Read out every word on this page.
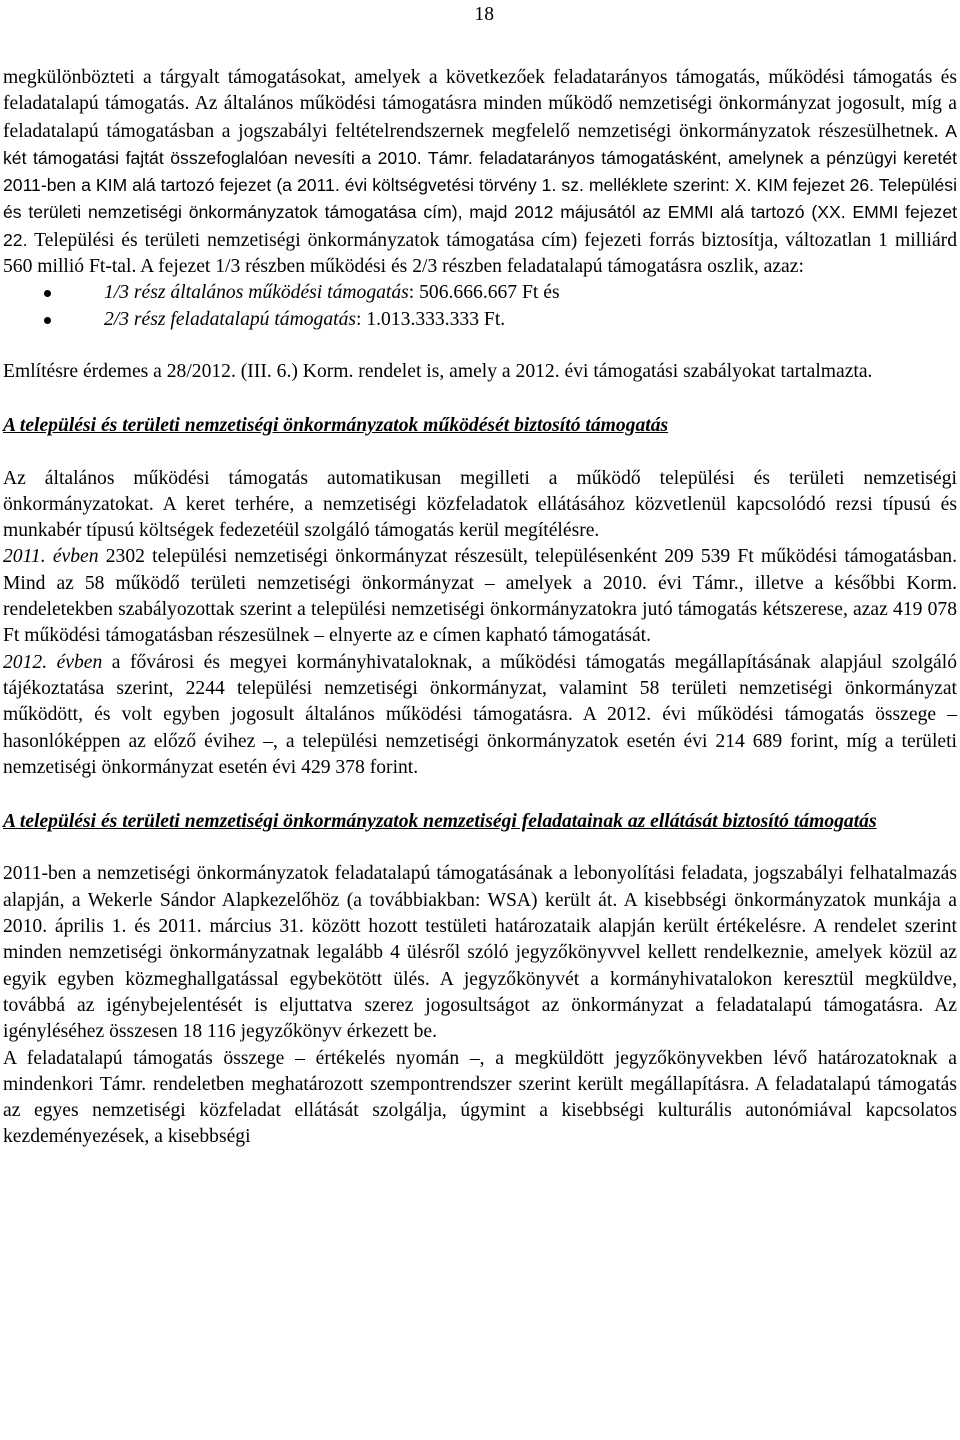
18

megkülönbözteti a tárgyalt támogatásokat, amelyek a következőek feladatarányos támogatás, működési támogatás és feladatalapú támogatás. Az általános működési támogatásra minden működő nemzetiségi önkormányzat jogosult, míg a feladatalapú támogatásban a jogszabályi feltételrendszernek megfelelő nemzetiségi önkormányzatok részesülhetnek. A két támogatási fajtát összefoglalóan nevesíti a 2010. Támr. feladatarányos támogatásként, amelynek a pénzügyi keretét 2011-ben a KIM alá tartozó fejezet (a 2011. évi költségvetési törvény 1. sz. melléklete szerint: X. KIM fejezet 26. Települési és területi nemzetiségi önkormányzatok támogatása cím), majd 2012 májusától az EMMI alá tartozó (XX. EMMI fejezet 22. Települési és területi nemzetiségi önkormányzatok támogatása cím) fejezeti forrás biztosítja, változatlan 1 milliárd 560 millió Ft-tal. A fejezet 1/3 részben működési és 2/3 részben feladatalapú támogatásra oszlik, azaz:

1/3 rész általános működési támogatás: 506.666.667 Ft és
2/3 rész feladatalapú támogatás: 1.013.333.333 Ft.

Említésre érdemes a 28/2012. (III. 6.) Korm. rendelet is, amely a 2012. évi támogatási szabályokat tartalmazta.

A települési és területi nemzetiségi önkormányzatok működését biztosító támogatás

Az általános működési támogatás automatikusan megilleti a működő települési és területi nemzetiségi önkormányzatokat. A keret terhére, a nemzetiségi közfeladatok ellátásához közvetlenül kapcsolódó rezsi típusú és munkabér típusú költségek fedezetéül szolgáló támogatás kerül megítélésre.

2011. évben 2302 települési nemzetiségi önkormányzat részesült, településenként 209 539 Ft működési támogatásban. Mind az 58 működő területi nemzetiségi önkormányzat – amelyek a 2010. évi Támr., illetve a későbbi Korm. rendeletekben szabályozottak szerint a települési nemzetiségi önkormányzatokra jutó támogatás kétszerese, azaz 419 078 Ft működési támogatásban részesülnek – elnyerte az e címen kapható támogatását.

2012. évben a fővárosi és megyei kormányhivataloknak, a működési támogatás megállapításának alapjául szolgáló tájékoztatása szerint, 2244 települési nemzetiségi önkormányzat, valamint 58 területi nemzetiségi önkormányzat működött, és volt egyben jogosult általános működési támogatásra. A 2012. évi működési támogatás összege – hasonlóképpen az előző évihez –, a települési nemzetiségi önkormányzatok esetén évi 214 689 forint, míg a területi nemzetiségi önkormányzat esetén évi 429 378 forint.

A települési és területi nemzetiségi önkormányzatok nemzetiségi feladatainak az ellátását biztosító támogatás

2011-ben a nemzetiségi önkormányzatok feladatalapú támogatásának a lebonyolítási feladata, jogszabályi felhatalmazás alapján, a Wekerle Sándor Alapkezelőhöz (a továbbiakban: WSA) került át. A kisebbségi önkormányzatok munkája a 2010. április 1. és 2011. március 31. között hozott testületi határozataik alapján került értékelésre. A rendelet szerint minden nemzetiségi önkormányzatnak legalább 4 ülésről szóló jegyzőkönyvvel kellett rendelkeznie, amelyek közül az egyik egyben közmeghallgatással egybekötött ülés. A jegyzőkönyvét a kormányhivatalokon keresztül megküldve, továbbá az igénybejelentését is eljuttatva szerez jogosultságot az önkormányzat a feladatalapú támogatásra. Az igényléséhez összesen 18 116 jegyzőkönyv érkezett be.

A feladatalapú támogatás összege – értékelés nyomán –, a megküldött jegyzőkönyvekben lévő határozatoknak a mindenkori Támr. rendeletben meghatározott szempontrendszer szerint került megállapításra. A feladatalapú támogatás az egyes nemzetiségi közfeladat ellátását szolgálja, úgymint a kisebbségi kulturális autonómiával kapcsolatos kezdeményezések, a kisebbségi
